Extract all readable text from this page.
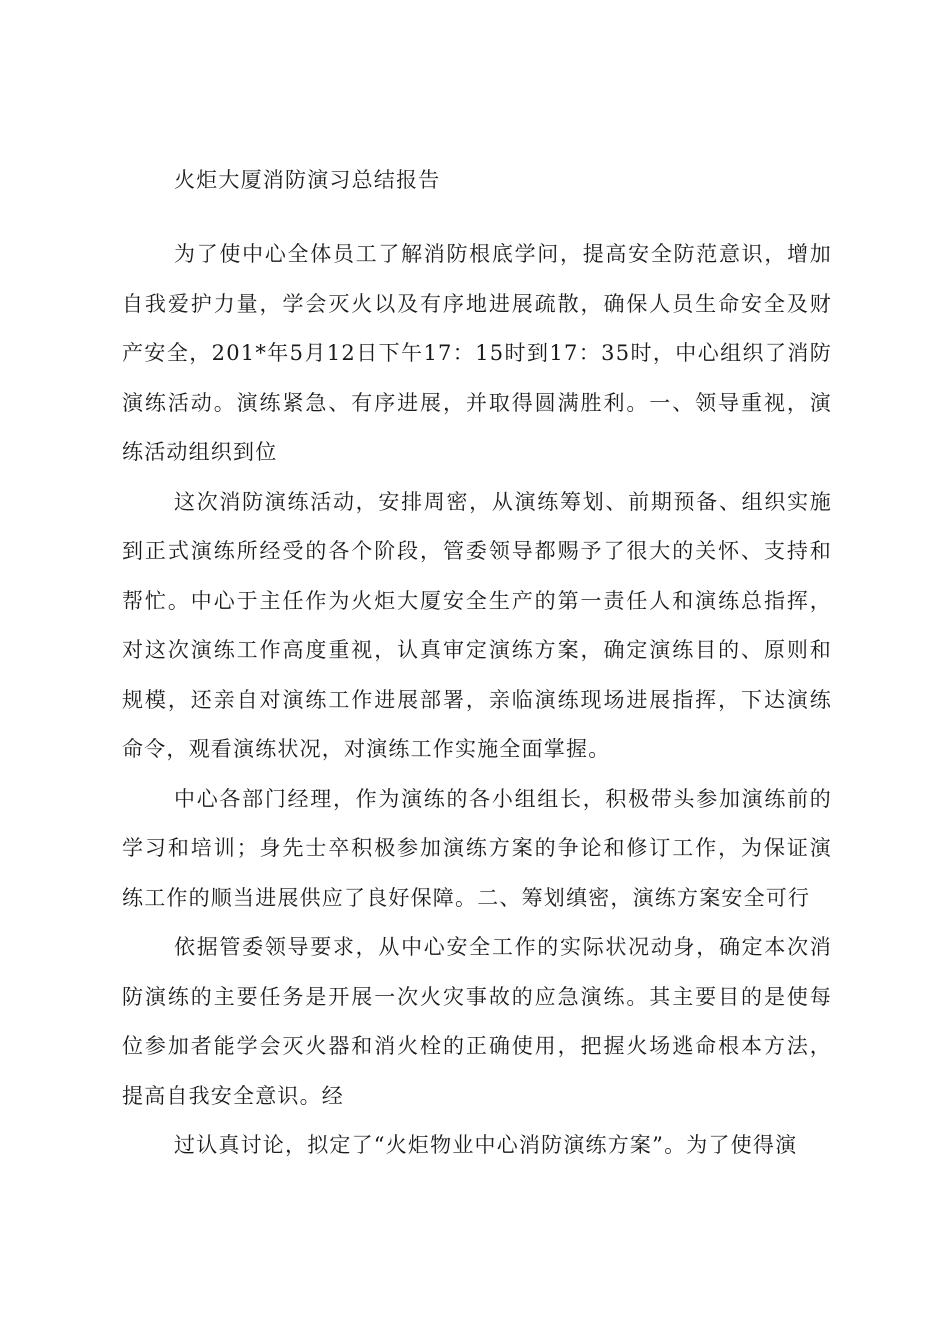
火炬大厦消防演习总结报告

为了使中心全体员工了解消防根底学问，提高安全防范意识，增加自我爱护力量，学会灭火以及有序地进展疏散，确保人员生命安全及财产安全，201*年5月12日下午17：15时到17：35时，中心组织了消防演练活动。演练紧急、有序进展，并取得圆满胜利。一、领导重视，演练活动组织到位

这次消防演练活动，安排周密，从演练筹划、前期预备、组织实施到正式演练所经受的各个阶段，管委领导都赐予了很大的关怀、支持和帮忙。中心于主任作为火炬大厦安全生产的第一责任人和演练总指挥，对这次演练工作高度重视，认真审定演练方案，确定演练目的、原则和规模，还亲自对演练工作进展部署，亲临演练现场进展指挥，下达演练命令，观看演练状况，对演练工作实施全面掌握。

中心各部门经理，作为演练的各小组组长，积极带头参加演练前的学习和培训；身先士卒积极参加演练方案的争论和修订工作，为保证演练工作的顺当进展供应了良好保障。二、筹划缜密，演练方案安全可行

依据管委领导要求，从中心安全工作的实际状况动身，确定本次消防演练的主要任务是开展一次火灾事故的应急演练。其主要目的是使每位参加者能学会灭火器和消火栓的正确使用，把握火场逃命根本方法，提高自我安全意识。经

过认真讨论，拟定了“火炬物业中心消防演练方案”。为了使得演
